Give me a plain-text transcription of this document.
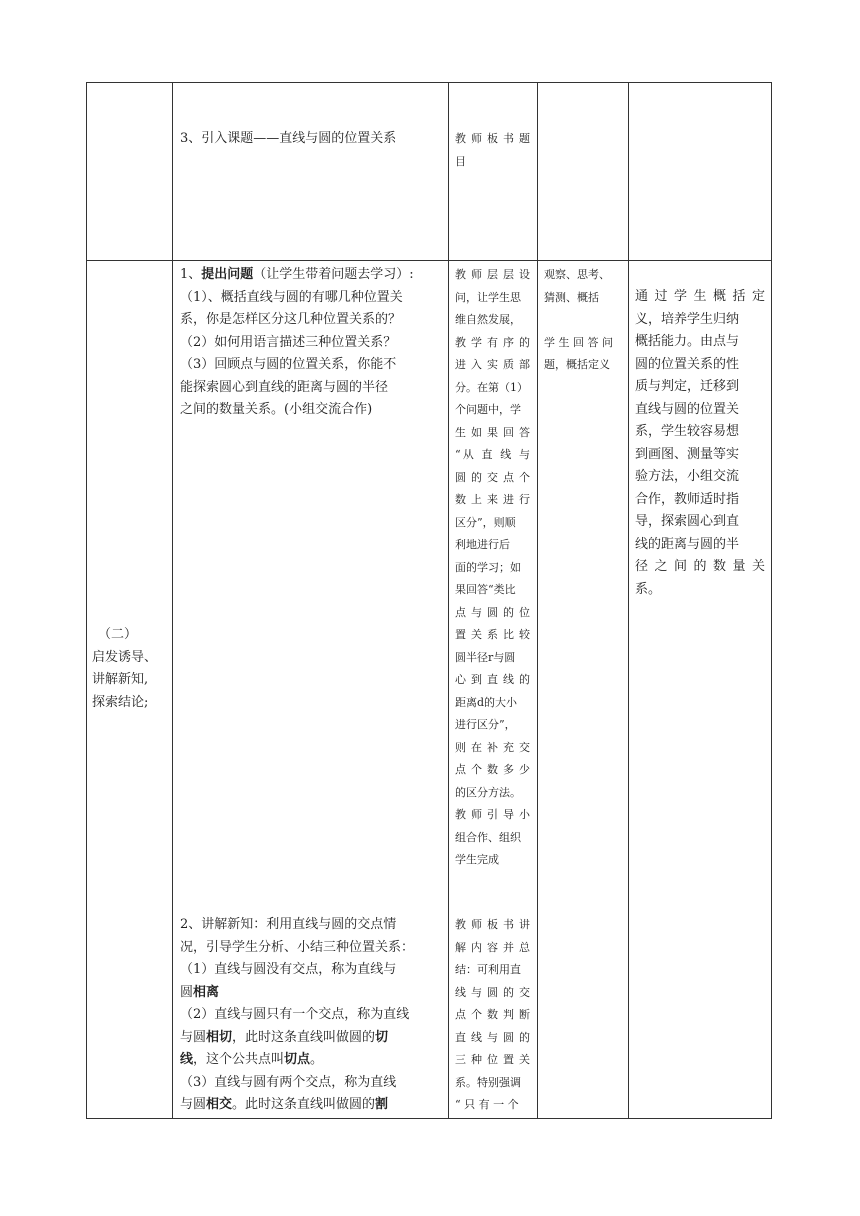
3、引入课题——直线与圆的位置关系	教 师 板 书 题
目
（二）
启发诱导、
讲解新知,
探索结论;
1、提出问题（让学生带着问题去学习）:
（1）、概括直线与圆的有哪几种位置关
系，你是怎样区分这几种位置关系的？
（2）如何用语言描述三种位置关系？
（3）回顾点与圆的位置关系，你能不
能探索圆心到直线的距离与圆的半径
之间的数量关系。(小组交流合作)
2、讲解新知：利用直线与圆的交点情
况，引导学生分析、小结三种位置关系：
（1）直线与圆没有交点，称为直线与
圆相离
（2）直线与圆只有一个交点，称为直线
与圆相切，此时这条直线叫做圆的切
线，这个公共点叫切点。
（3）直线与圆有两个交点，称为直线
与圆相交。此时这条直线叫做圆的割
教 师 层 层 设
问，让学生思
维自然发展，
教 学 有 序 的
进 入 实 质 部
分。在第（1）
个问题中，学
生 如 果 回 答
“从 直 线 与
圆 的 交 点 个
数 上 来 进 行
区分”，则顺
利地进行后
面的学习；如
果回答“类比
点 与 圆 的 位
置 关 系 比 较
圆半径r与圆
心 到 直 线 的
距离d的大小
进行区分”，
则 在 补 充 交
点 个 数 多 少
的区分方法。
教 师 引 导 小
组合作、组织
学生完成
教 师 板 书 讲
解 内 容 并 总
结：可利用直
线 与 圆 的 交
点 个 数 判 断
直 线 与 圆 的
三 种 位 置 关
系。特别强调
“ 只 有 一 个
观察、思考、
猜测、概括
学 生 回 答 问
题，概括定义
通 过 学 生 概 括 定
义，培养学生归纳
概括能力。由点与
圆的位置关系的性
质与判定，迁移到
直线与圆的位置关
系，学生较容易想
到画图、测量等实
验方法，小组交流
合作，教师适时指
导，探索圆心到直
线的距离与圆的半
径 之 间 的 数 量 关
系。
